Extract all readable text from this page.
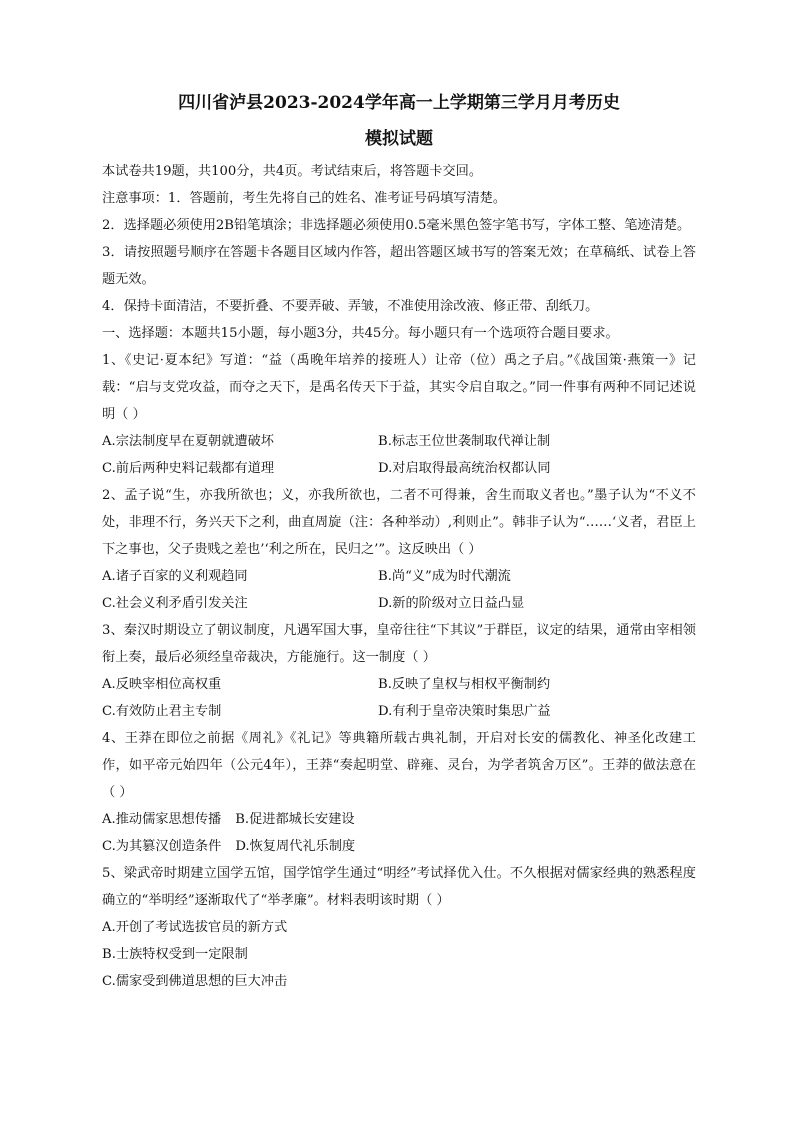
四川省泸县2023-2024学年高一上学期第三学月月考历史

模拟试题

本试卷共19题，共100分，共4页。考试结束后，将答题卡交回。

注意事项：1．答题前，考生先将自己的姓名、准考证号码填写清楚。

2．选择题必须使用2B铅笔填涂；非选择题必须使用0.5毫米黑色签字笔书写，字体工整、笔迹清楚。

3．请按照题号顺序在答题卡各题目区域内作答，超出答题区域书写的答案无效；在草稿纸、试卷上答题无效。

4．保持卡面清洁，不要折叠、不要弄破、弄皱，不准使用涂改液、修正带、刮纸刀。

一、选择题：本题共15小题，每小题3分，共45分。每小题只有一个选项符合题目要求。

1、《史记·夏本纪》写道：“益（禹晚年培养的接班人）让帝（位）禹之子启。”《战国策·燕策一》记载：“启与支党攻益，而夺之天下，是禹名传天下于益，其实令启自取之。”同一件事有两种不同记述说明（ ）

A.宗法制度早在夏朝就遭破坏	B.标志王位世袭制取代禅让制
C.前后两种史料记载都有道理	D.对启取得最高统治权都认同

2、孟子说“生，亦我所欲也；义，亦我所欲也，二者不可得兼，舍生而取义者也。”墨子认为“不义不处，非理不行，务兴天下之利，曲直周旋（注：各种举动）,利则止”。韩非子认为“……‘义者，君臣上下之事也，父子贵贱之差也’‘利之所在，民归之’”。这反映出（ ）

A.诸子百家的义利观趋同	B.尚“义”成为时代潮流
C.社会义利矛盾引发关注	D.新的阶级对立日益凸显

3、秦汉时期设立了朝议制度，凡遇军国大事，皇帝往往“下其议”于群臣，议定的结果，通常由宰相领衔上奏，最后必须经皇帝裁决，方能施行。这一制度（ ）

A.反映宰相位高权重	B.反映了皇权与相权平衡制约
C.有效防止君主专制	D.有利于皇帝决策时集思广益

4、王莽在即位之前据《周礼》《礼记》等典籍所载古典礼制，开启对长安的儒教化、神圣化改建工作，如平帝元始四年（公元4年），王莽“奏起明堂、辟雍、灵台，为学者筑舍万区”。王莽的做法意在（ ）

A.推动儒家思想传播 B.促进都城长安建设
C.为其篡汉创造条件 D.恢复周代礼乐制度

5、梁武帝时期建立国学五馆，国学馆学生通过“明经”考试择优入仕。不久根据对儒家经典的熟悉程度确立的“举明经”逐渐取代了“举孝廉”。材料表明该时期（ ）

A.开创了考试选拔官员的新方式
B.士族特权受到一定限制
C.儒家受到佛道思想的巨大冲击
